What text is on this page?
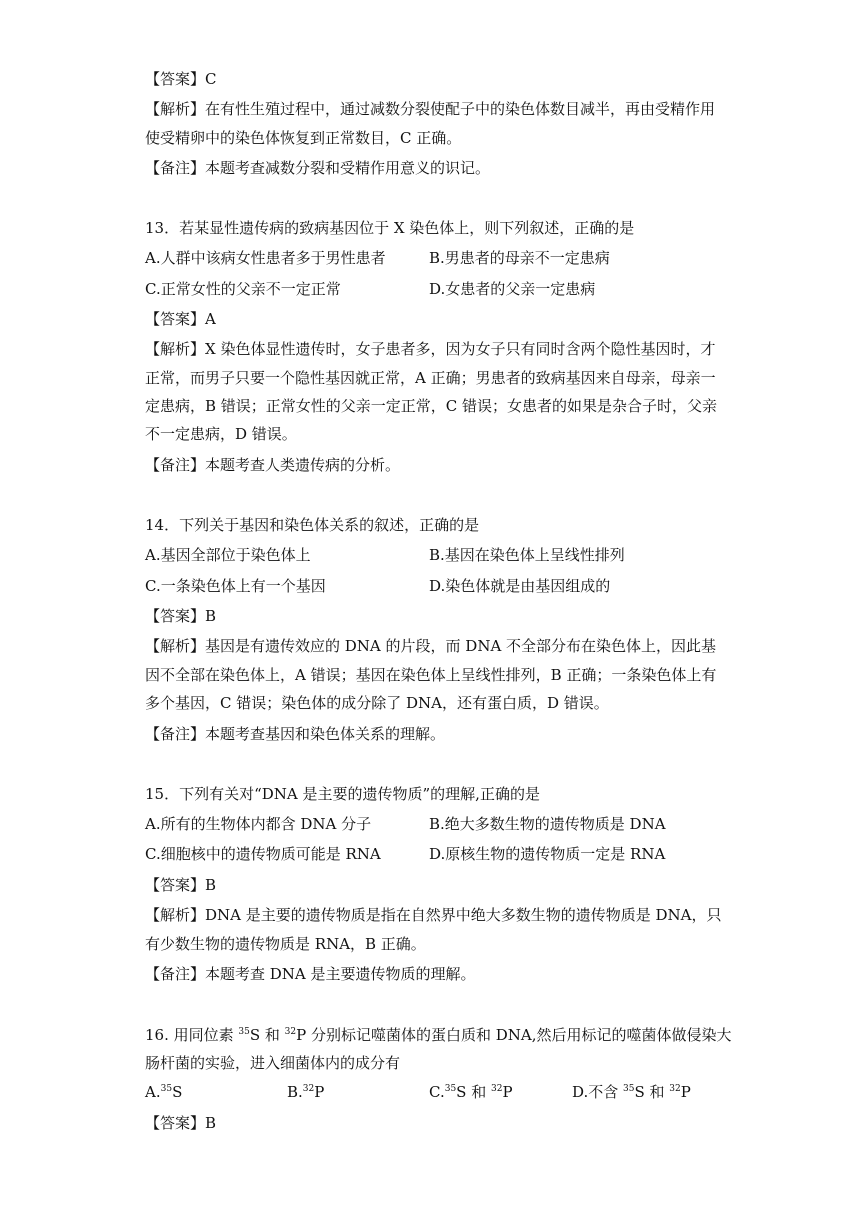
【答案】C
【解析】在有性生殖过程中，通过减数分裂使配子中的染色体数目减半，再由受精作用
使受精卵中的染色体恢复到正常数目，C 正确。
【备注】本题考查减数分裂和受精作用意义的识记。
13．若某显性遗传病的致病基因位于 X 染色体上，则下列叙述，正确的是
A.人群中该病女性患者多于男性患者	B.男患者的母亲不一定患病
C.正常女性的父亲不一定正常	D.女患者的父亲一定患病
【答案】A
【解析】X 染色体显性遗传时，女子患者多，因为女子只有同时含两个隐性基因时，才
正常，而男子只要一个隐性基因就正常，A 正确；男患者的致病基因来自母亲，母亲一
定患病，B 错误；正常女性的父亲一定正常，C 错误；女患者的如果是杂合子时，父亲
不一定患病，D 错误。
【备注】本题考查人类遗传病的分析。
14．下列关于基因和染色体关系的叙述，正确的是
A.基因全部位于染色体上	B.基因在染色体上呈线性排列
C.一条染色体上有一个基因	D.染色体就是由基因组成的
【答案】B
【解析】基因是有遗传效应的 DNA 的片段，而 DNA 不全部分布在染色体上，因此基
因不全部在染色体上，A 错误；基因在染色体上呈线性排列，B 正确；一条染色体上有
多个基因，C 错误；染色体的成分除了 DNA，还有蛋白质，D 错误。
【备注】本题考查基因和染色体关系的理解。
15．下列有关对“DNA 是主要的遗传物质”的理解,正确的是
A.所有的生物体内都含 DNA 分子	B.绝大多数生物的遗传物质是 DNA
C.细胞核中的遗传物质可能是 RNA	D.原核生物的遗传物质一定是 RNA
【答案】B
【解析】DNA 是主要的遗传物质是指在自然界中绝大多数生物的遗传物质是 DNA，只
有少数生物的遗传物质是 RNA，B 正确。
【备注】本题考查 DNA 是主要遗传物质的理解。
16. 用同位素 $^{35}$S 和 $^{32}$P 分别标记噬菌体的蛋白质和 DNA,然后用标记的噬菌体做侵染大
肠杆菌的实验，进入细菌体内的成分有
A.$^{35}$S	B.$^{32}$P	C.$^{35}$S 和 $^{32}$P	D.不含 $^{35}$S 和 $^{32}$P
【答案】B
